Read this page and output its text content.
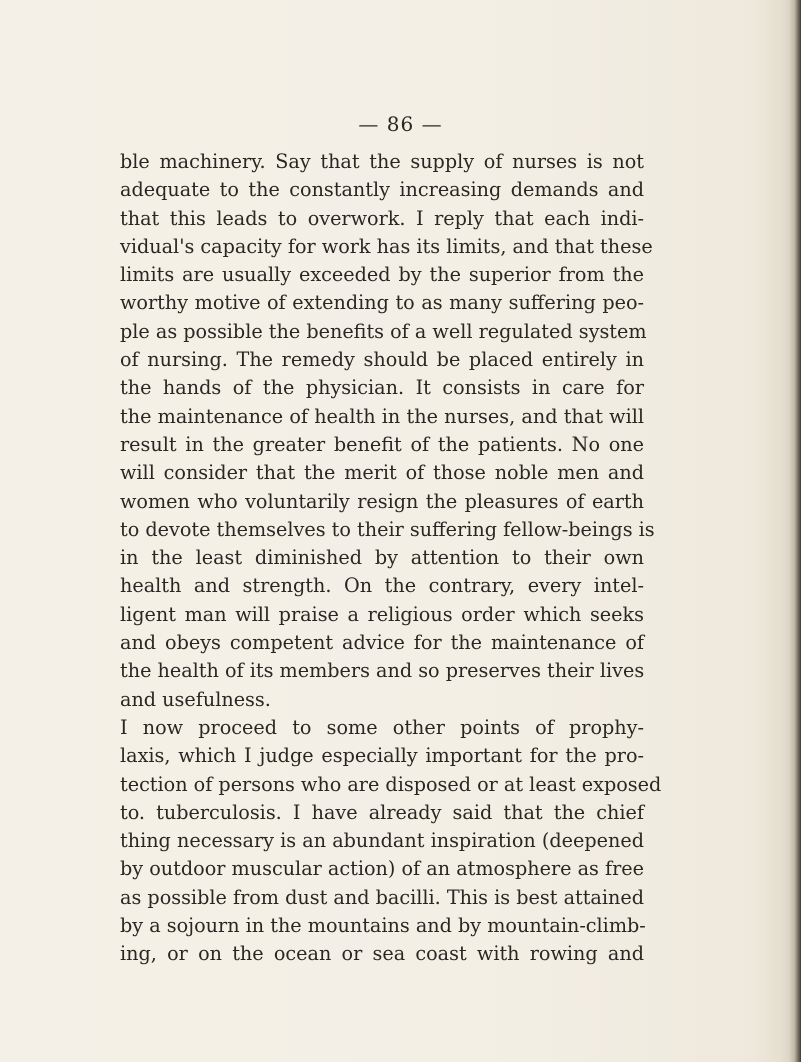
— 86 —
ble machinery. Say that the supply of nurses is not
adequate to the constantly increasing demands and
that this leads to overwork. I reply that each indi-
vidual's capacity for work has its limits, and that these
limits are usually exceeded by the superior from the
worthy motive of extending to as many suffering peo-
ple as possible the benefits of a well regulated system
of nursing. The remedy should be placed entirely in
the hands of the physician. It consists in care for
the maintenance of health in the nurses, and that will
result in the greater benefit of the patients. No one
will consider that the merit of those noble men and
women who voluntarily resign the pleasures of earth
to devote themselves to their suffering fellow-beings is
in the least diminished by attention to their own
health and strength. On the contrary, every intel-
ligent man will praise a religious order which seeks
and obeys competent advice for the maintenance of
the health of its members and so preserves their lives
and usefulness.
I now proceed to some other points of prophy-
laxis, which I judge especially important for the pro-
tection of persons who are disposed or at least exposed
to. tuberculosis. I have already said that the chief
thing necessary is an abundant inspiration (deepened
by outdoor muscular action) of an atmosphere as free
as possible from dust and bacilli. This is best attained
by a sojourn in the mountains and by mountain-climb-
ing, or on the ocean or sea coast with rowing and
